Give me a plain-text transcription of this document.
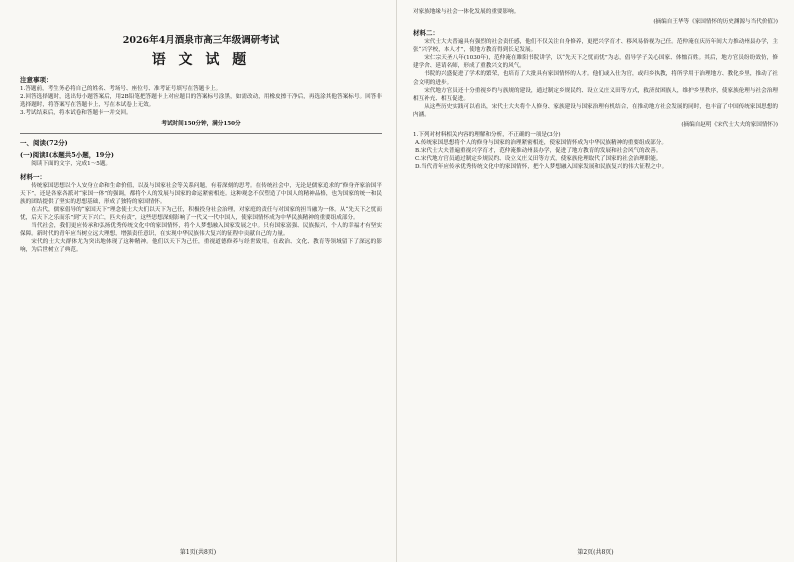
2026年4月酒泉市高三年级调研考试
语 文 试 题
注意事项：

1.答题前，考生务必将自己的姓名、考场号、座位号、准考证号填写在答题卡上。

2.回答选择题时，选出每小题答案后，用2B铅笔把答题卡上对应题目的答案标号涂黑，如需改动，用橡皮擦干净后，再选涂其他答案标号。回答非选择题时，将答案写在答题卡上，写在本试卷上无效。

3.考试结束后，将本试卷和答题卡一并交回。

考试时间150分钟，满分150分

一、阅读(72分)
(一)阅读Ⅰ(本题共5小题，19分)

阅读下面的文字，完成1～5题。

材料一：

传统家国思想以个人安身立命和生命价值，以及与国家社会等关系问题，有着深刻的思考。在传统社会中，无论是儒家追求的“修身齐家治国平天下”，还是各家各派对“家国一体”的强调，都将个人的发展与国家的命运紧密相连。这种观念不仅塑造了中国人的精神品格，也为国家的统一和民族的团结提供了坚实的思想基础，形成了独特的家国情怀。

在古代，儒家倡导的“家国天下”理念使士大夫们以天下为己任，积极投身社会治理，对家庭的责任与对国家的担当融为一体。从“先天下之忧而忧，后天下之乐而乐”到“天下兴亡，匹夫有责”，这些思想深刻影响了一代又一代中国人，使家国情怀成为中华民族精神的重要组成部分。

当代社会，我们更应传承和弘扬优秀传统文化中的家国情怀，将个人梦想融入国家发展之中。只有国家富强、民族振兴，个人的幸福才有坚实保障。新时代的青年应当树立远大理想，增强责任意识，在实现中华民族伟大复兴的征程中贡献自己的力量。

宋代的士大夫群体尤为突出地体现了这种精神。他们以天下为己任，重视道德修养与经世致用，在政治、文化、教育等领域留下了深远的影响，为后世树立了典范。

第1页(共8页)

对家族地缘与社会一体化发展的重要影响。

(摘编自王华等《家国情怀的历史渊源与当代价值》)
材料二：

宋代士大夫普遍具有强烈的社会责任感，他们不仅关注自身修养，更把兴学育才、移风易俗视为己任。范仲淹在庆历年间大力推动州县办学，主张“兴学校，本人才”，使地方教育得到长足发展。

宋仁宗天圣八年(1030年)，范仲淹在睢阳书院讲学，以“先天下之忧而忧”为志，倡导学子关心国家、体恤百姓。其后，地方官员纷纷效仿，修建学舍、延请名师，形成了重教兴文的风气。

书院的兴盛促进了学术的繁荣，也培育了大批具有家国情怀的人才。他们或入仕为官，或归乡执教，将所学用于治理地方、教化乡里，推动了社会文明的进步。

宋代地方官员还十分重视乡约与族规的建设，通过制定乡规民约、设立义庄义田等方式，救济贫困族人，维护乡里秩序，使家族伦理与社会治理相互补充、相互促进。

从这些历史实践可以看出，宋代士大夫将个人修身、家族建设与国家治理有机结合，在推动地方社会发展的同时，也丰富了中国传统家国思想的内涵。

(摘编自赵明《宋代士大夫的家国情怀》)

1.下列对材料相关内容的理解和分析，不正确的一项是(3分)

A.传统家国思想将个人的修身与国家的治理紧密相连，使家国情怀成为中华民族精神的重要组成部分。

B.宋代士大夫普遍重视兴学育才，范仲淹推动州县办学，促进了地方教育的发展和社会风气的改善。

C.宋代地方官员通过制定乡规民约、设立义庄义田等方式，使家族伦理取代了国家的社会治理职能。

D.当代青年应传承优秀传统文化中的家国情怀，把个人梦想融入国家发展和民族复兴的伟大征程之中。

第2页(共8页)
